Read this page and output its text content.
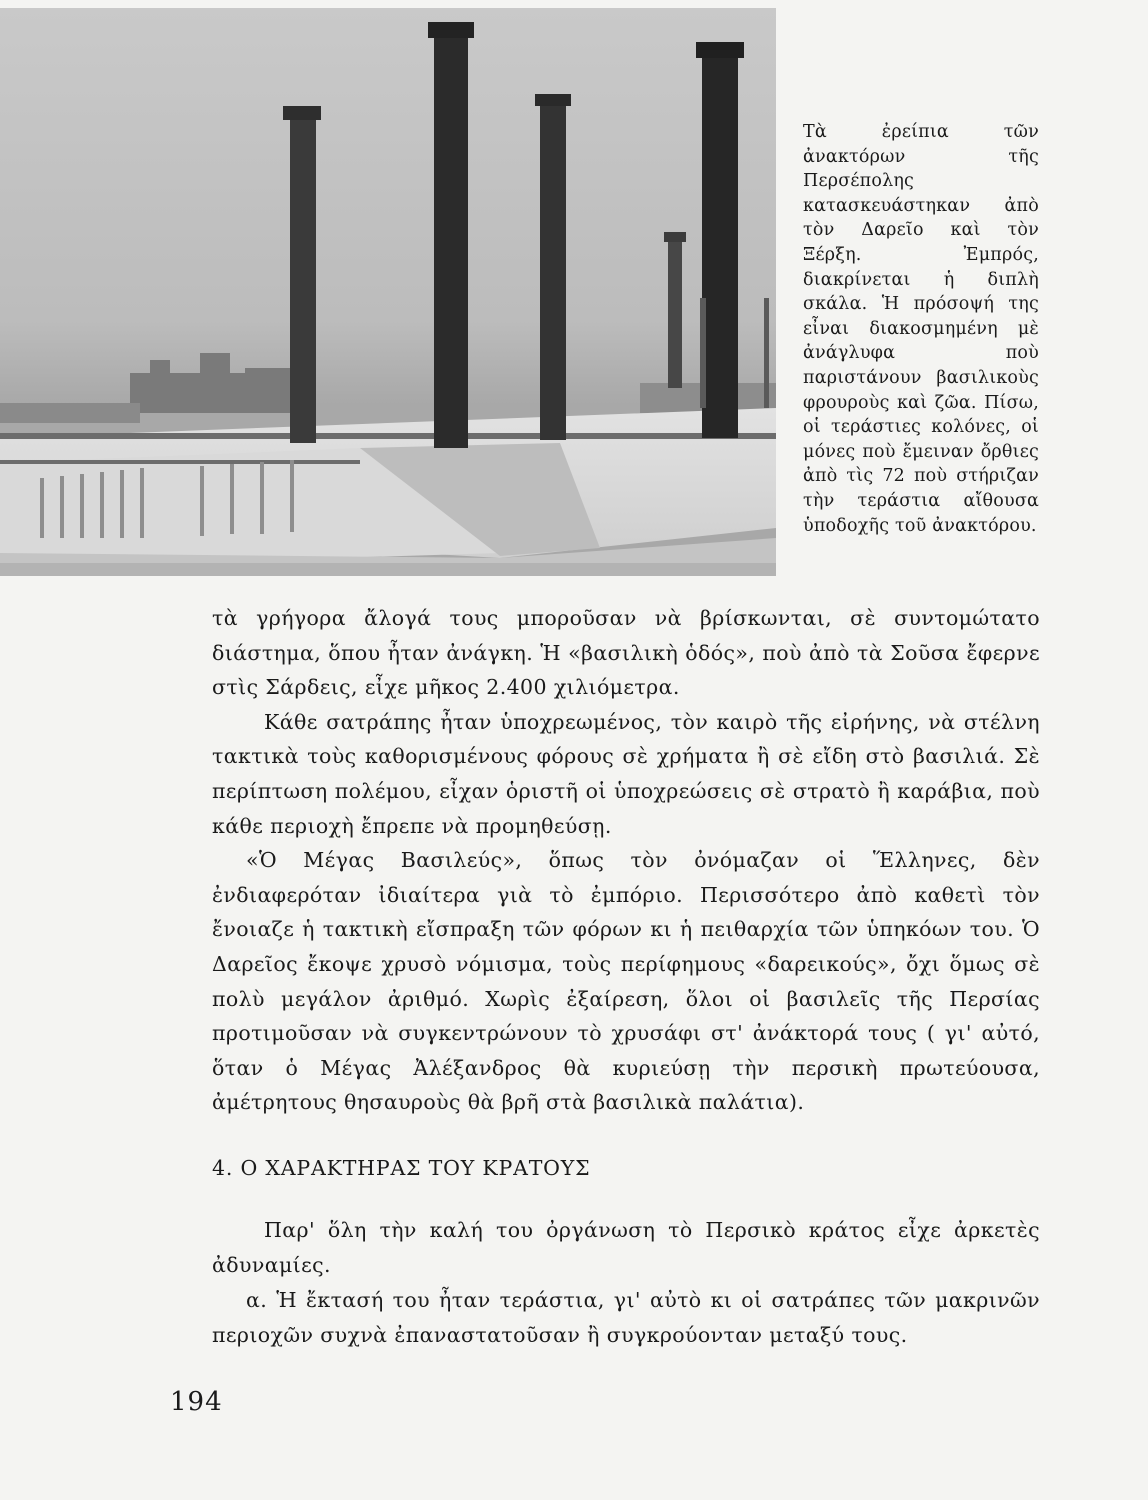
Τὰ ἐρείπια τῶν ἀνακτόρων τῆς Περσέπολης κατασκευάστηκαν ἀπὸ τὸν Δαρεῖο καὶ τὸν Ξέρξη. Ἐμπρός, διακρίνεται ἡ διπλὴ σκάλα. Ἡ πρόσοψή της εἶναι διακοσμημένη μὲ ἀνάγλυφα ποὺ παριστάνουν βασιλικοὺς φρουροὺς καὶ ζῶα. Πίσω, οἱ τεράστιες κολόνες, οἱ μόνες ποὺ ἔμειναν ὄρθιες ἀπὸ τὶς 72 ποὺ στήριζαν τὴν τεράστια αἴθουσα ὑποδοχῆς τοῦ ἀνακτόρου.

τὰ γρήγορα ἄλογά τους μποροῦσαν νὰ βρίσκωνται, σὲ συντομώτατο διάστημα, ὅπου ἦταν ἀνάγκη. Ἡ «βασιλικὴ ὁδός», ποὺ ἀπὸ τὰ Σοῦσα ἔφερνε στὶς Σάρδεις, εἶχε μῆκος 2.400 χιλιόμετρα.

Κάθε σατράπης ἦταν ὑποχρεωμένος, τὸν καιρὸ τῆς εἰρήνης, νὰ στέλνη τακτικὰ τοὺς καθορισμένους φόρους σὲ χρήματα ἢ σὲ εἴδη στὸ βασιλιά. Σὲ περίπτωση πολέμου, εἶχαν ὁριστῆ οἱ ὑποχρεώσεις σὲ στρατὸ ἢ καράβια, ποὺ κάθε περιοχὴ ἔπρεπε νὰ προμηθεύσῃ.

«Ὁ Μέγας Βασιλεύς», ὅπως τὸν ὀνόμαζαν οἱ Ἕλληνες, δὲν ἐνδιαφερόταν ἰδιαίτερα γιὰ τὸ ἐμπόριο. Περισσότερο ἀπὸ καθετὶ τὸν ἔνοιαζε ἡ τακτικὴ εἴσπραξη τῶν φόρων κι ἡ πειθαρχία τῶν ὑπηκόων του. Ὁ Δαρεῖος ἔκοψε χρυσὸ νόμισμα, τοὺς περίφημους «δαρεικούς», ὄχι ὅμως σὲ πολὺ μεγάλον ἀριθμό. Χωρὶς ἐξαίρεση, ὅλοι οἱ βασιλεῖς τῆς Περσίας προτιμοῦσαν νὰ συγκεντρώνουν τὸ χρυσάφι στ' ἀνάκτορά τους ( γι' αὐτό, ὅταν ὁ Μέγας Ἀλέξανδρος θὰ κυριεύσῃ τὴν περσικὴ πρωτεύουσα, ἀμέτρητους θησαυροὺς θὰ βρῆ στὰ βασιλικὰ παλάτια).

4. Ο ΧΑΡΑΚΤΗΡΑΣ ΤΟΥ ΚΡΑΤΟΥΣ

Παρ' ὅλη τὴν καλή του ὀργάνωση τὸ Περσικὸ κράτος εἶχε ἀρκετὲς ἀδυναμίες.

α. Ἡ ἔκτασή του ἦταν τεράστια, γι' αὐτὸ κι οἱ σατράπες τῶν μακρινῶν περιοχῶν συχνὰ ἐπαναστατοῦσαν ἢ συγκρούονταν μεταξύ τους.

194
